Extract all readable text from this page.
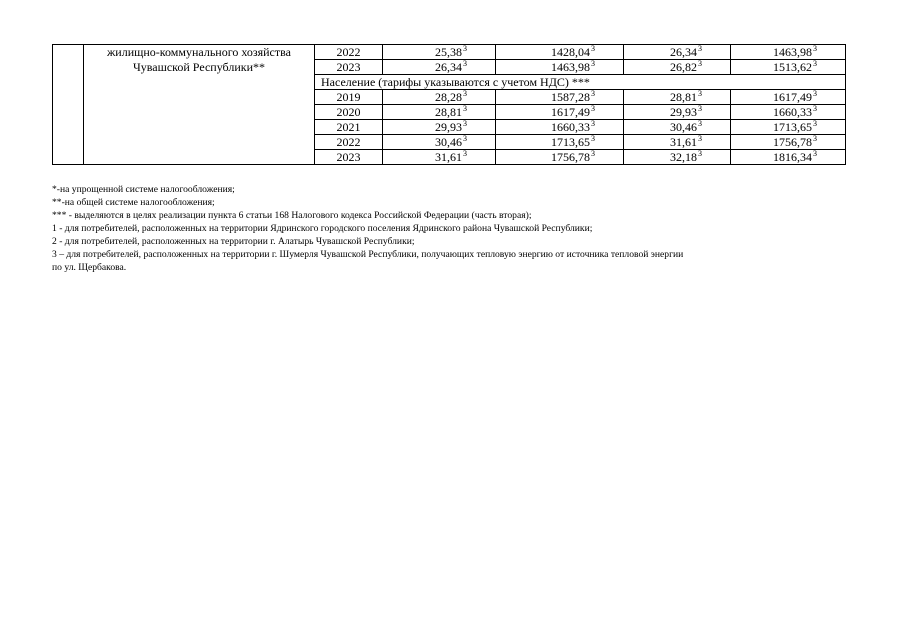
	жилищно-коммунального хозяйства
Чувашской Республики**	2022	25,38$^3$	1428,04$^3$	26,34$^3$	1463,98$^3$
		2023	26,34$^3$	1463,98$^3$	26,82$^3$	1513,62$^3$
		Население (тарифы указываются с учетом НДС) ***				
		2019	28,28$^3$	1587,28$^3$	28,81$^3$	1617,49$^3$
		2020	28,81$^3$	1617,49$^3$	29,93$^3$	1660,33$^3$
		2021	29,93$^3$	1660,33$^3$	30,46$^3$	1713,65$^3$
		2022	30,46$^3$	1713,65$^3$	31,61$^3$	1756,78$^3$
		2023	31,61$^3$	1756,78$^3$	32,18$^3$	1816,34$^3$

*-на упрощенной системе налогообложения;

**-на общей системе налогообложения;

*** - выделяются в целях реализации пункта 6 статьи 168 Налогового кодекса Российской Федерации (часть вторая);

1 - для потребителей, расположенных на территории Ядринского городского поселения Ядринского района Чувашской Республики;

2 - для потребителей, расположенных на территории г. Алатырь Чувашской Республики;

3 – для потребителей, расположенных на территории г. Шумерля Чувашской Республики, получающих тепловую энергию от источника тепловой энергии

по ул. Щербакова.
